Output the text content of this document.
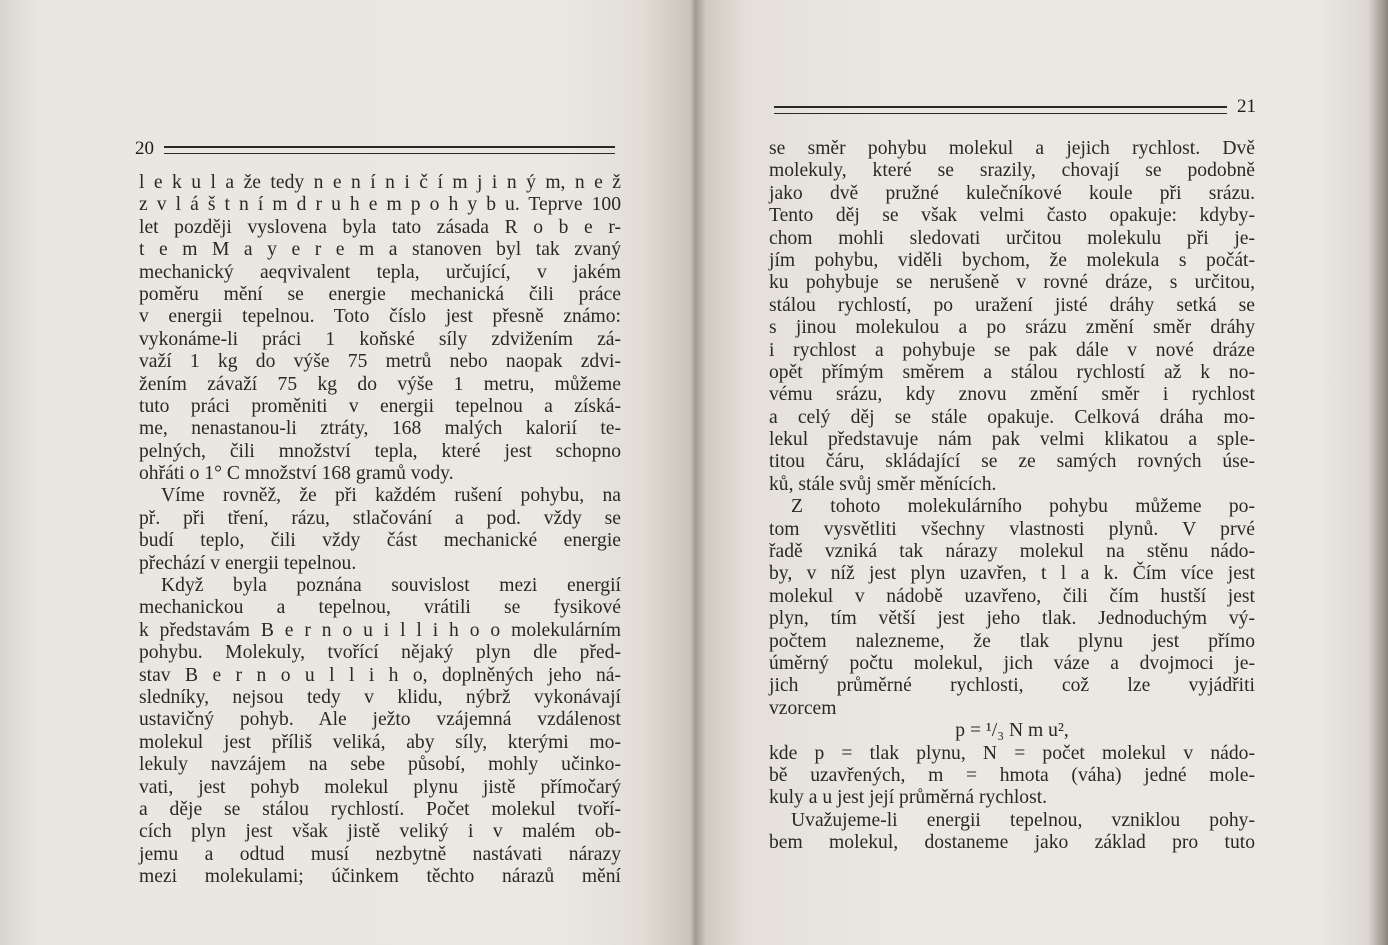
20
l e k u l a že tedy n e n í n i č í m j i n ý m, n e ž
z v l á š t n í m d r u h e m p o h y b u. Teprve 100
let později vyslovena byla tato zásada R o b e r-
t e m M a y e r e m a stanoven byl tak zvaný
mechanický aeqvivalent tepla, určující, v jakém
poměru mění se energie mechanická čili práce
v energii tepelnou. Toto číslo jest přesně známo:
vykonáme-li práci 1 koňské síly zdvižením zá-
važí 1 kg do výše 75 metrů nebo naopak zdvi-
žením závaží 75 kg do výše 1 metru, můžeme
tuto práci proměniti v energii tepelnou a získá-
me, nenastanou-li ztráty, 168 malých kalorií te-
pelných, čili množství tepla, které jest schopno
ohřáti o 1° C množství 168 gramů vody.
Víme rovněž, že při každém rušení pohybu, na
př. při tření, rázu, stlačování a pod. vždy se
budí teplo, čili vždy část mechanické energie
přechází v energii tepelnou.
Když byla poznána souvislost mezi energií
mechanickou a tepelnou, vrátili se fysikové
k představám B e r n o u i l l i h o o molekulárním
pohybu. Molekuly, tvořící nějaký plyn dle před-
stav B e r n o u l l i h o, doplněných jeho ná-
sledníky, nejsou tedy v klidu, nýbrž vykonávají
ustavičný pohyb. Ale ježto vzájemná vzdálenost
molekul jest příliš veliká, aby síly, kterými mo-
lekuly navzájem na sebe působí, mohly učinko-
vati, jest pohyb molekul plynu jistě přímočarý
a děje se stálou rychlostí. Počet molekul tvoří-
cích plyn jest však jistě veliký i v malém ob-
jemu a odtud musí nezbytně nastávati nárazy
mezi molekulami; účinkem těchto nárazů mění
21
se směr pohybu molekul a jejich rychlost. Dvě
molekuly, které se srazily, chovají se podobně
jako dvě pružné kulečníkové koule při srázu.
Tento děj se však velmi často opakuje: kdyby-
chom mohli sledovati určitou molekulu při je-
jím pohybu, viděli bychom, že molekula s počát-
ku pohybuje se nerušeně v rovné dráze, s určitou,
stálou rychlostí, po uražení jisté dráhy setká se
s jinou molekulou a po srázu změní směr dráhy
i rychlost a pohybuje se pak dále v nové dráze
opět přímým směrem a stálou rychlostí až k no-
vému srázu, kdy znovu změní směr i rychlost
a celý děj se stále opakuje. Celková dráha mo-
lekul představuje nám pak velmi klikatou a sple-
titou čáru, skládající se ze samých rovných úse-
ků, stále svůj směr měnících.
Z tohoto molekulárního pohybu můžeme po-
tom vysvětliti všechny vlastnosti plynů. V prvé
řadě vzniká tak nárazy molekul na stěnu nádo-
by, v níž jest plyn uzavřen, t l a k. Čím více jest
molekul v nádobě uzavřeno, čili čím hustší jest
plyn, tím větší jest jeho tlak. Jednoduchým vý-
počtem nalezneme, že tlak plynu jest přímo
úměrný počtu molekul, jich váze a dvojmoci je-
jich průměrné rychlosti, což lze vyjádřiti
vzorcem
p = ¹/₃ N m u²,
kde p = tlak plynu, N = počet molekul v nádo-
bě uzavřených, m = hmota (váha) jedné mole-
kuly a u jest její průměrná rychlost.
Uvažujeme-li energii tepelnou, vzniklou pohy-
bem molekul, dostaneme jako základ pro tuto
